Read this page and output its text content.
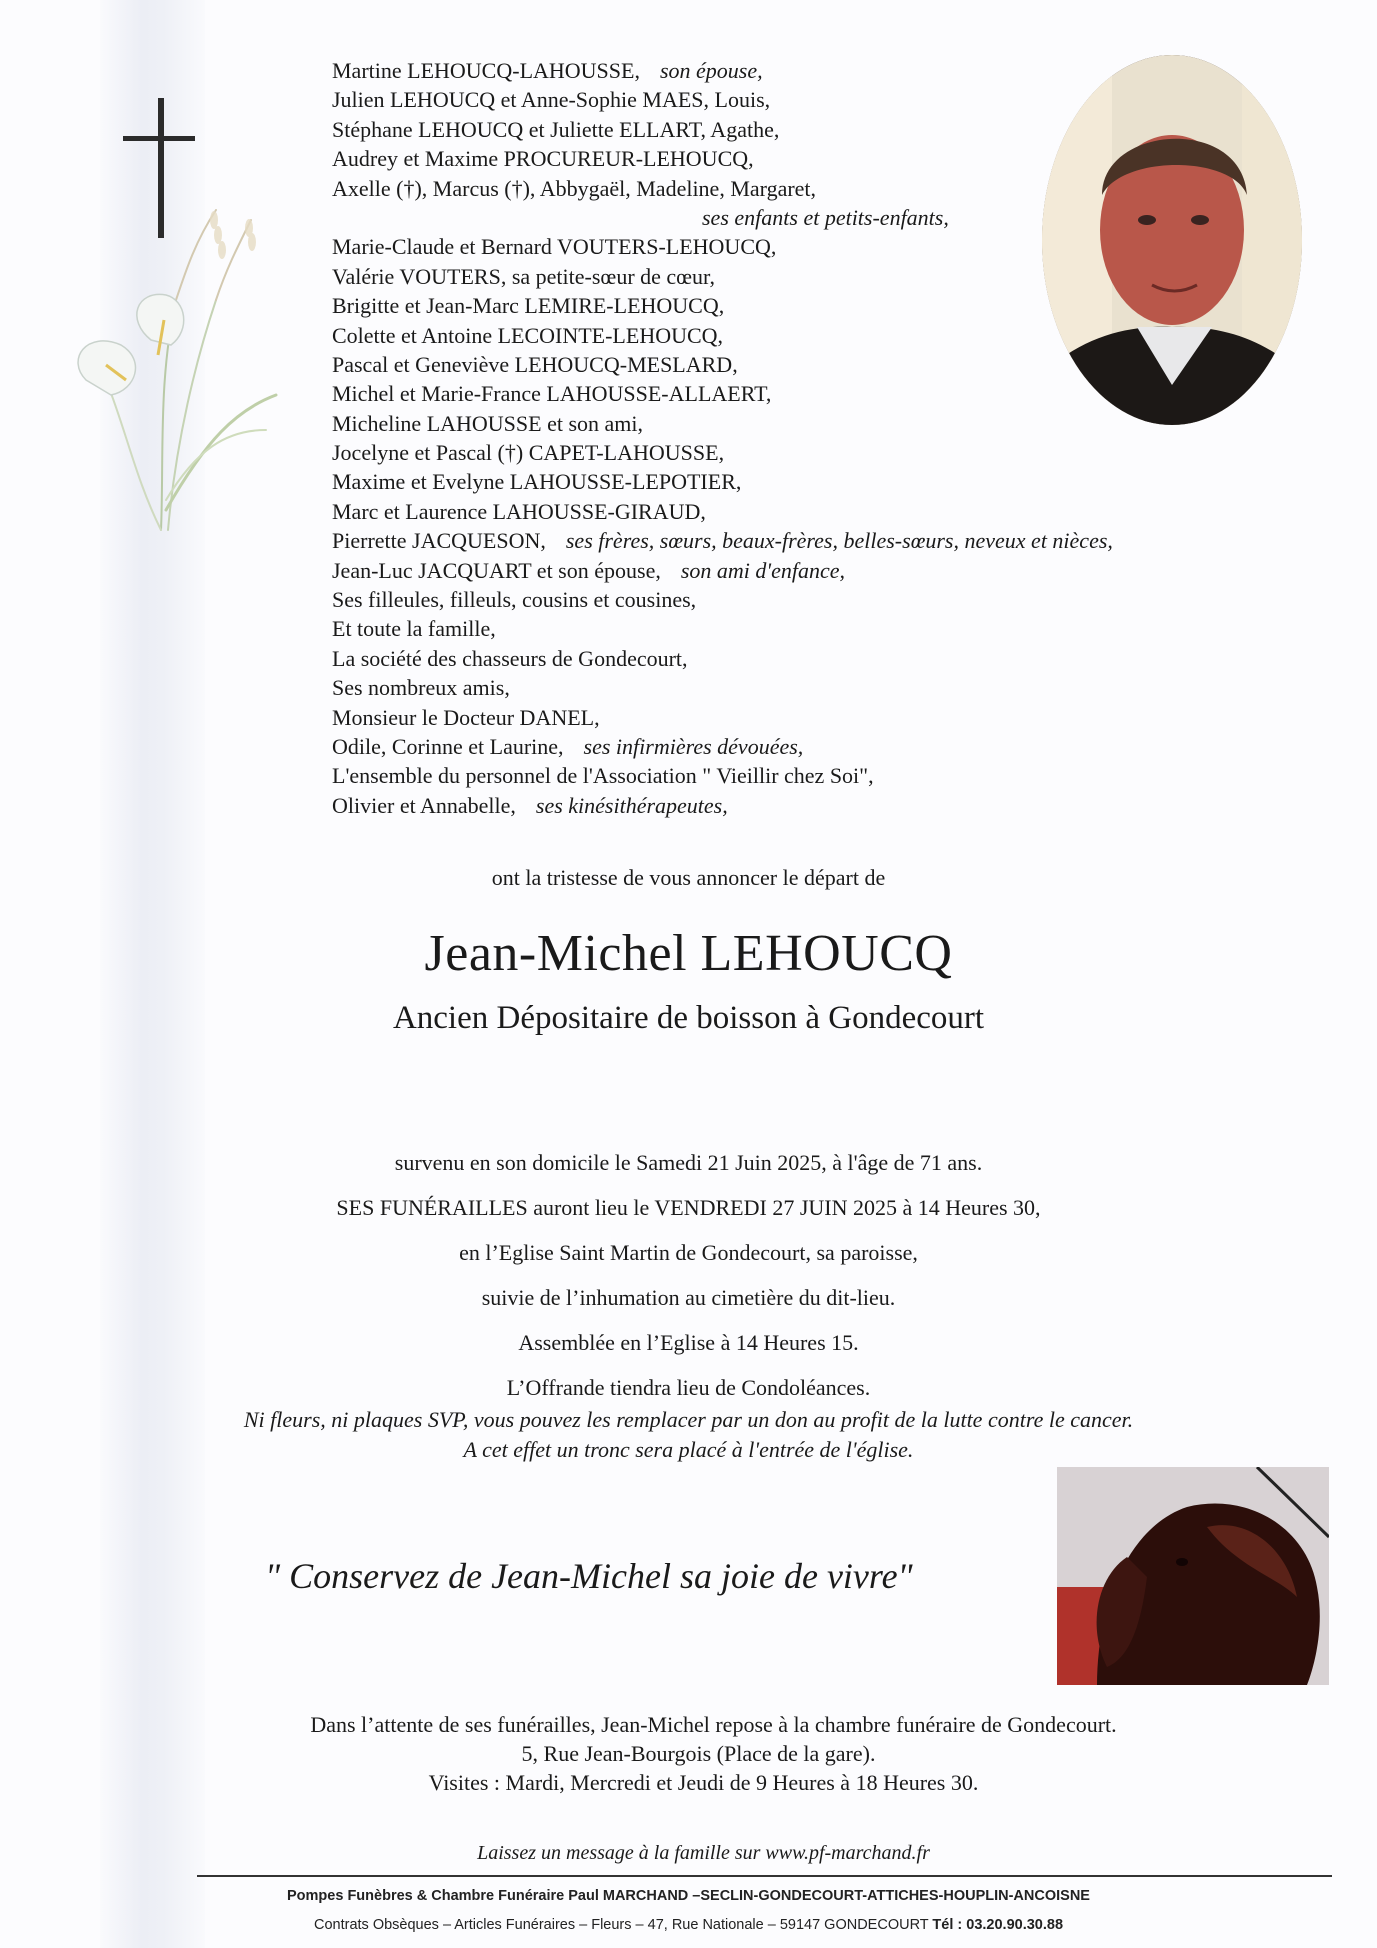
Martine LEHOUCQ-LAHOUSSE, son épouse,
Julien LEHOUCQ et Anne-Sophie MAES, Louis,
Stéphane LEHOUCQ et Juliette ELLART, Agathe,
Audrey et Maxime PROCUREUR-LEHOUCQ,
Axelle (†), Marcus (†), Abbygaël, Madeline, Margaret,
ses enfants et petits-enfants,
Marie-Claude et Bernard VOUTERS-LEHOUCQ,
Valérie VOUTERS, sa petite-sœur de cœur,
Brigitte et Jean-Marc LEMIRE-LEHOUCQ,
Colette et Antoine LECOINTE-LEHOUCQ,
Pascal et Geneviève LEHOUCQ-MESLARD,
Michel et Marie-France LAHOUSSE-ALLAERT,
Micheline LAHOUSSE et son ami,
Jocelyne et Pascal (†) CAPET-LAHOUSSE,
Maxime et Evelyne LAHOUSSE-LEPOTIER,
Marc et Laurence LAHOUSSE-GIRAUD,
Pierrette JACQUESON, ses frères, sœurs, beaux-frères, belles-sœurs, neveux et nièces,
Jean-Luc JACQUART et son épouse, son ami d'enfance,
Ses filleules, filleuls, cousins et cousines,
Et toute la famille,
La société des chasseurs de Gondecourt,
Ses nombreux amis,
Monsieur le Docteur DANEL,
Odile, Corinne et Laurine, ses infirmières dévouées,
L'ensemble du personnel de l'Association " Vieillir chez Soi",
Olivier et Annabelle, ses kinésithérapeutes,
ont la tristesse de vous annoncer le départ de
Jean-Michel LEHOUCQ
Ancien Dépositaire de boisson à Gondecourt
survenu en son domicile le Samedi 21 Juin 2025, à l'âge de 71 ans.
SES FUNÉRAILLES auront lieu le VENDREDI 27 JUIN 2025 à 14 Heures 30,
en l’Eglise Saint Martin de Gondecourt, sa paroisse,
suivie de l’inhumation au cimetière du dit-lieu.
Assemblée en l’Eglise à 14 Heures 15.
L’Offrande tiendra lieu de Condoléances.
Ni fleurs, ni plaques SVP, vous pouvez les remplacer par un don au profit de la lutte contre le cancer.
A cet effet un tronc sera placé à l'entrée de l'église.
" Conservez de Jean-Michel sa joie de vivre"
Dans l’attente de ses funérailles, Jean-Michel repose à la chambre funéraire de Gondecourt.
5, Rue Jean-Bourgois (Place de la gare).
Visites : Mardi, Mercredi et Jeudi de 9 Heures à 18 Heures 30.
Laissez un message à la famille sur www.pf-marchand.fr
Pompes Funèbres & Chambre Funéraire Paul MARCHAND –SECLIN-GONDECOURT-ATTICHES-HOUPLIN-ANCOISNE
Contrats Obsèques – Articles Funéraires – Fleurs – 47, Rue Nationale – 59147 GONDECOURT Tél : 03.20.90.30.88
